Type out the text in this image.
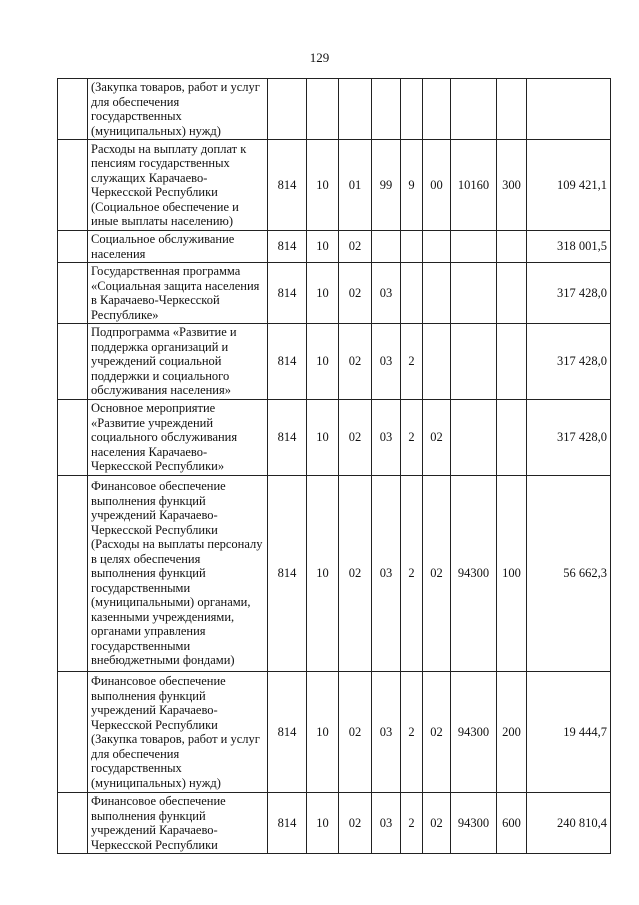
129
	(Закупка товаров, работ и услуг для обеспечения государственных (муниципальных) нужд)									
	Расходы на выплату доплат к пенсиям государственных служащих Карачаево-Черкесской Республики (Социальное обеспечение и иные выплаты населению)	814	10	01	99	9	00	10160	300	109 421,1
	Социальное обслуживание населения	814	10	02						318 001,5
	Государственная программа «Социальная защита населения в Карачаево-Черкесской Республике»	814	10	02	03					317 428,0
	Подпрограмма «Развитие и поддержка организаций и учреждений социальной поддержки и социального обслуживания населения»	814	10	02	03	2				317 428,0
	Основное мероприятие «Развитие учреждений социального обслуживания населения Карачаево-Черкесской Республики»	814	10	02	03	2	02			317 428,0
	Финансовое обеспечение выполнения функций учреждений Карачаево-Черкесской Республики (Расходы на выплаты персоналу в целях обеспечения выполнения функций государственными (муниципальными) органами, казенными учреждениями, органами управления государственными внебюджетными фондами)	814	10	02	03	2	02	94300	100	56 662,3
	Финансовое обеспечение выполнения функций учреждений Карачаево-Черкесской Республики (Закупка товаров, работ и услуг для обеспечения государственных (муниципальных) нужд)	814	10	02	03	2	02	94300	200	19 444,7
	Финансовое обеспечение выполнения функций учреждений Карачаево-Черкесской Республики	814	10	02	03	2	02	94300	600	240 810,4
